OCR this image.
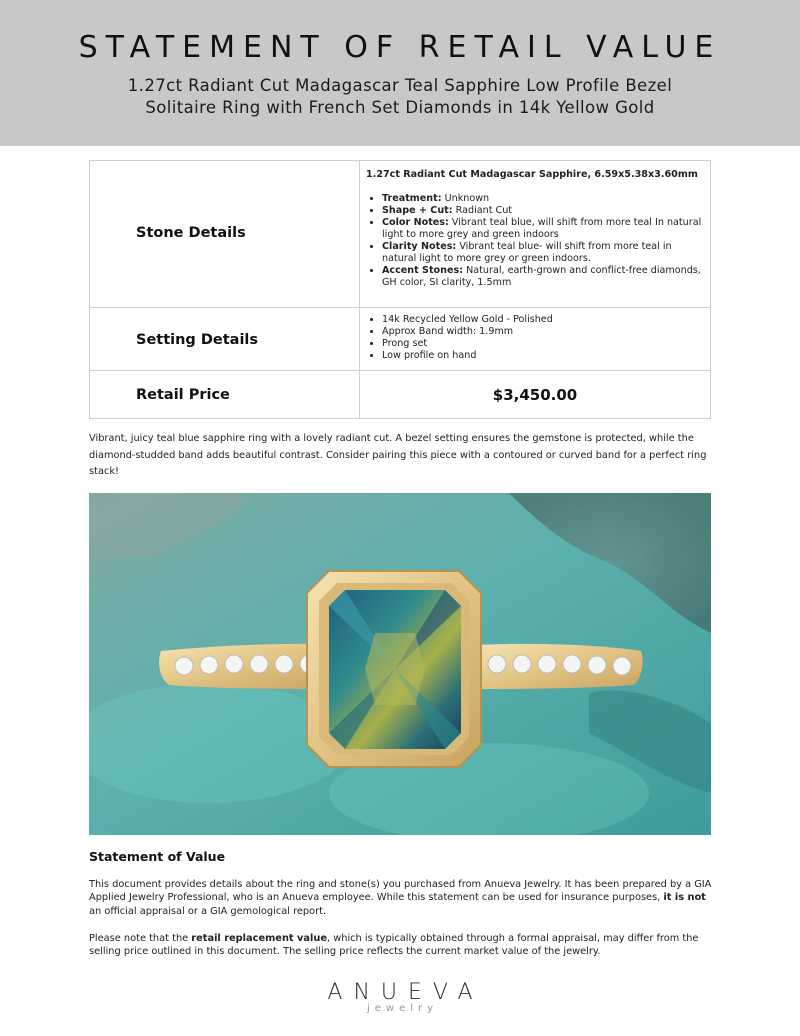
STATEMENT OF RETAIL VALUE
1.27ct Radiant Cut Madagascar Teal Sapphire Low Profile Bezel
Solitaire Ring with French Set Diamonds in 14k Yellow Gold
Stone Details
1.27ct Radiant Cut Madagascar Sapphire, 6.59x5.38x3.60mm
• Treatment: Unknown
• Shape + Cut: Radiant Cut
• Color Notes: Vibrant teal blue, will shift from more teal In natural light to more grey and green indoors
• Clarity Notes: Vibrant teal blue- will shift from more teal in natural light to more grey or green indoors.
• Accent Stones: Natural, earth-grown and conflict-free diamonds, GH color, SI clarity, 1.5mm
Setting Details
• 14k Recycled Yellow Gold - Polished
• Approx Band width: 1.9mm
• Prong set
• Low profile on hand
Retail Price	$3,450.00
Vibrant, juicy teal blue sapphire ring with a lovely radiant cut. A bezel setting ensures the gemstone is protected, while the diamond-studded band adds beautiful contrast. Consider pairing this piece with a contoured or curved band for a perfect ring stack!
Statement of Value
This document provides details about the ring and stone(s) you purchased from Anueva Jewelry. It has been prepared by a GIA Applied Jewelry Professional, who is an Anueva employee. While this statement can be used for insurance purposes, it is not an official appraisal or a GIA gemological report.
Please note that the retail replacement value, which is typically obtained through a formal appraisal, may differ from the selling price outlined in this document. The selling price reflects the current market value of the jewelry.
ANUEVA
jewelry
